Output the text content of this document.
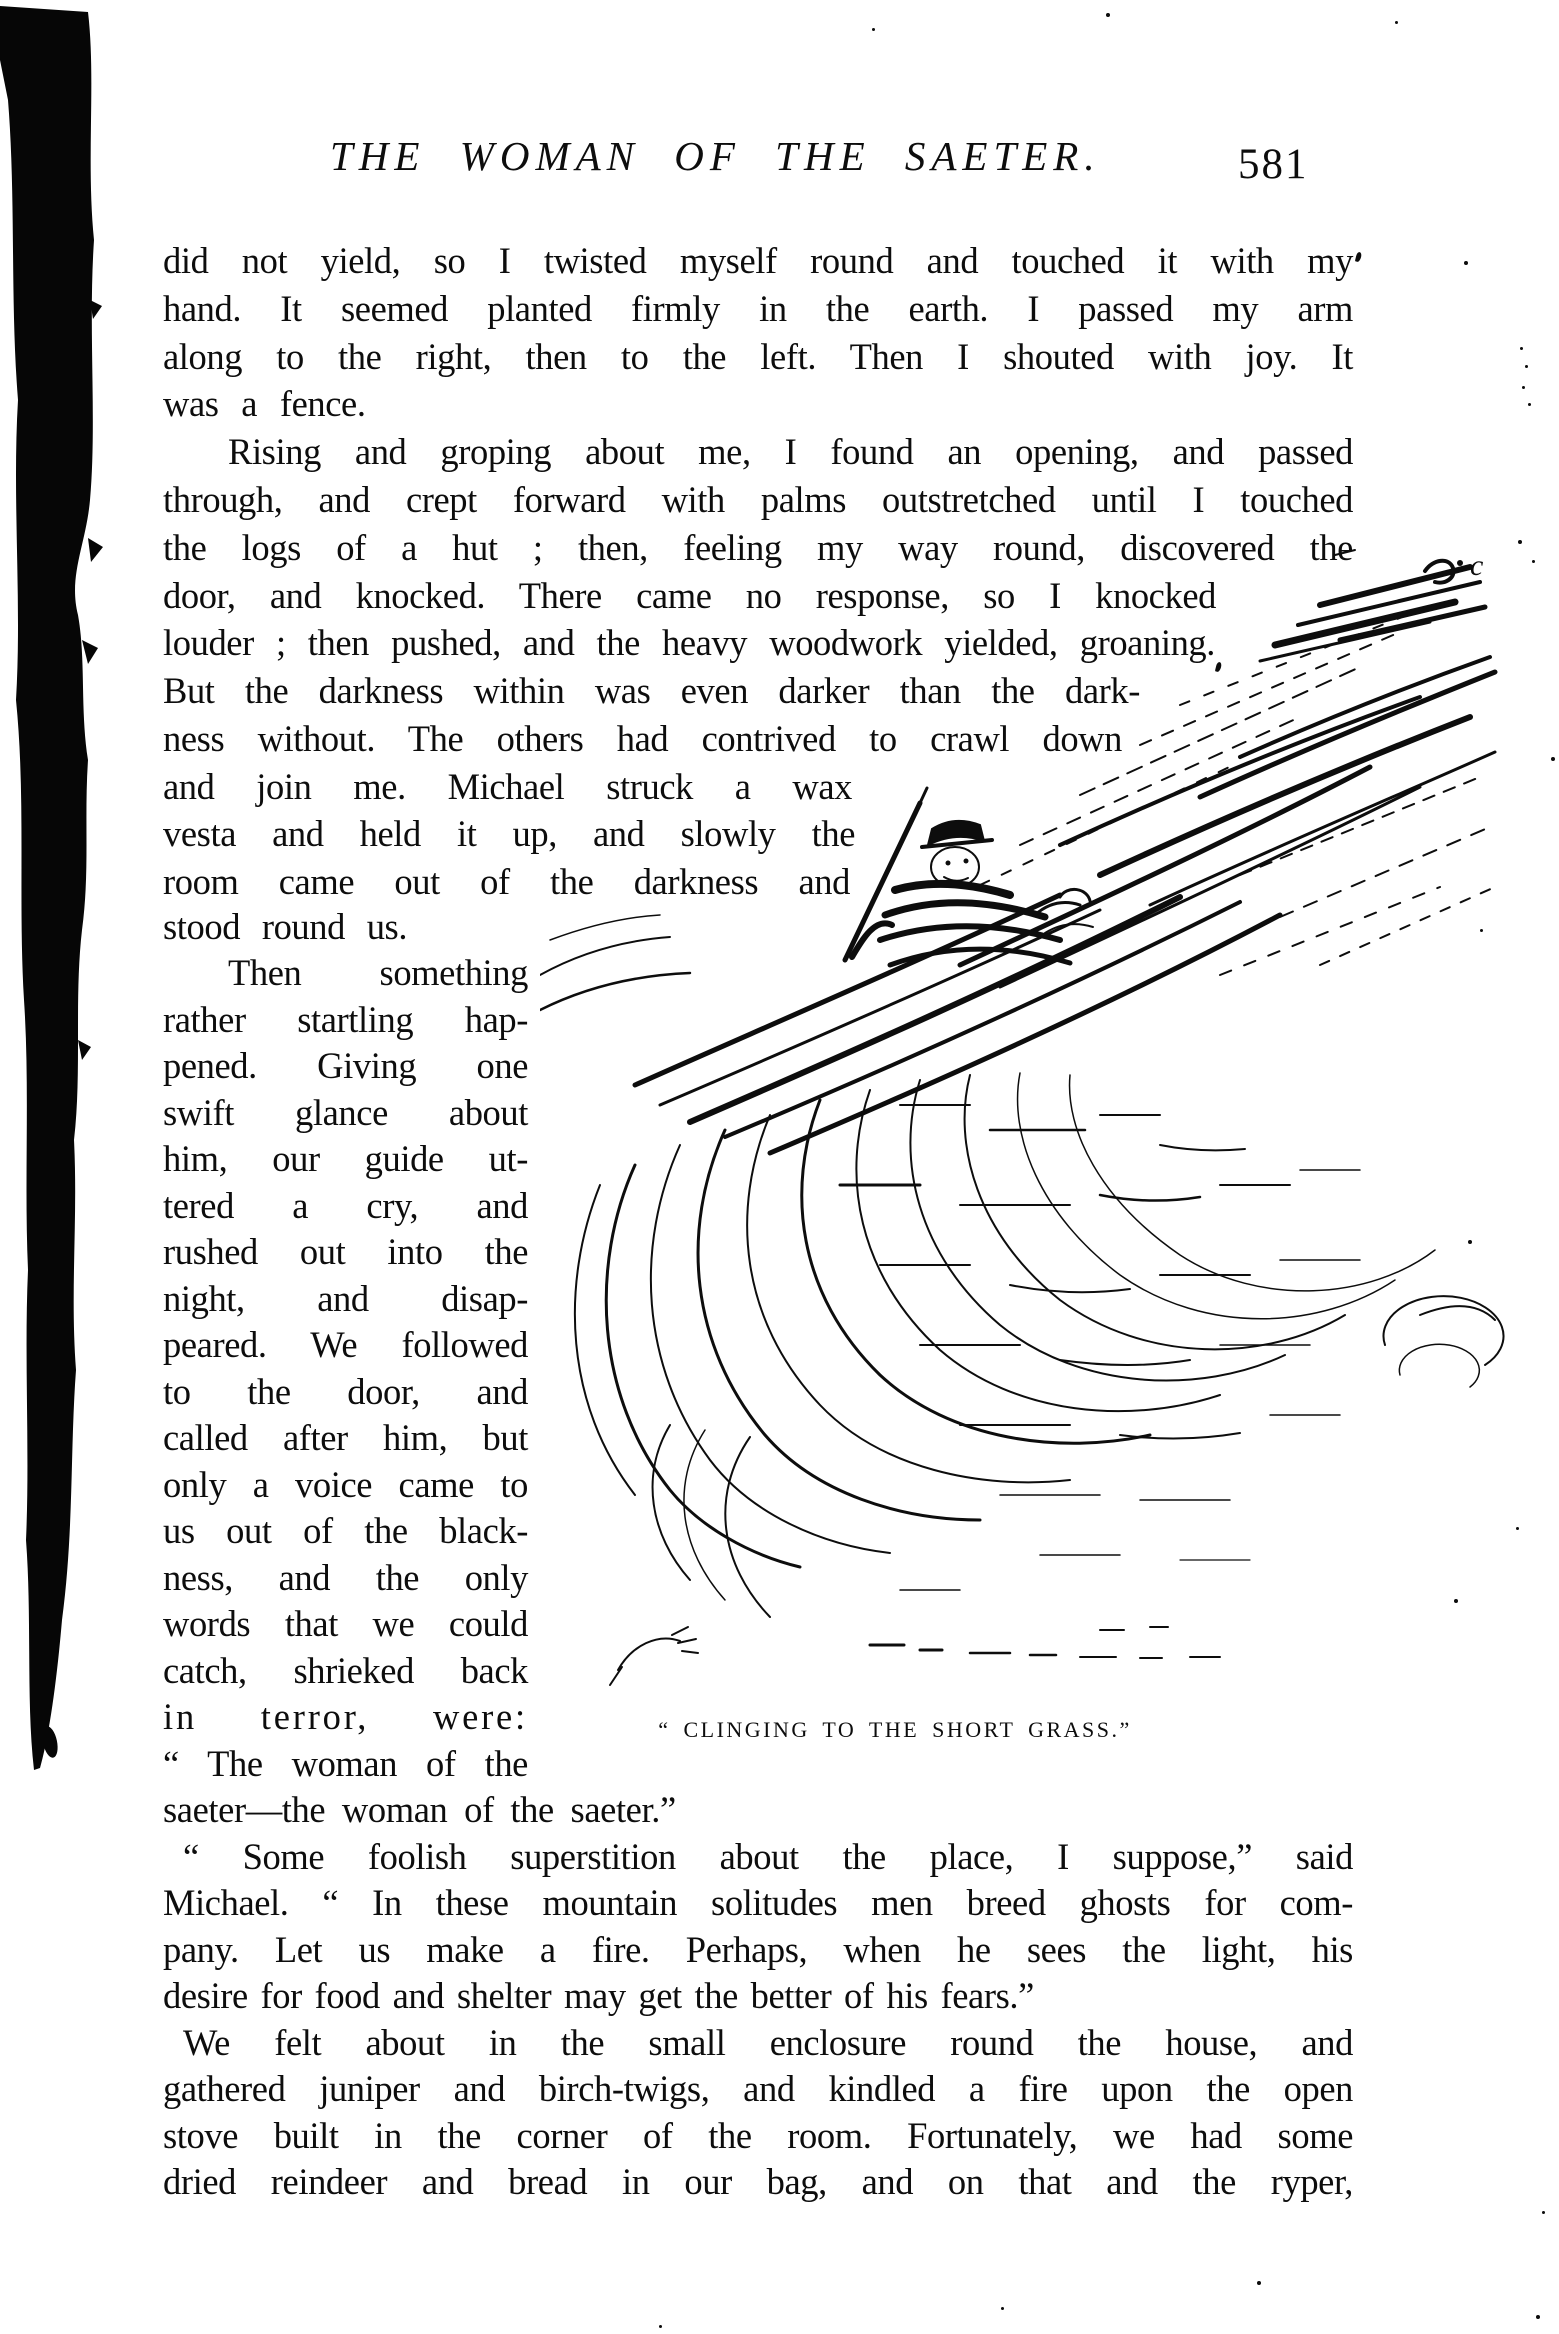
THE WOMAN OF THE SAETER.	581
did not yield, so I twisted myself round and touched it with my
hand. It seemed planted firmly in the earth. I passed my arm
along to the right, then to the left. Then I shouted with joy. It
was a fence.
Rising and groping about me, I found an opening, and passed
through, and crept forward with palms outstretched until I touched
the logs of a hut ; then, feeling my way round, discovered the
door, and knocked. There came no response, so I knocked
louder ; then pushed, and the heavy woodwork yielded, groaning.
But the darkness within was even darker than the dark-
ness without. The others had contrived to crawl down
and join me. Michael struck a wax
vesta and held it up, and slowly the
room came out of the darkness and
stood round us.
Then something
rather startling hap-
pened. Giving one
swift glance about
him, our guide ut-
tered a cry, and
rushed out into the
night, and disap-
peared. We followed
to the door, and
called after him, but
only a voice came to
us out of the black-
ness, and the only
words that we could
catch, shrieked back
in terror, were:
“ The woman of the
saeter—the woman of the saeter.”
“ Some foolish superstition about the place, I suppose,” said
Michael. “ In these mountain solitudes men breed ghosts for com-
pany. Let us make a fire. Perhaps, when he sees the light, his
desire for food and shelter may get the better of his fears.”
We felt about in the small enclosure round the house, and
gathered juniper and birch-twigs, and kindled a fire upon the open
stove built in the corner of the room. Fortunately, we had some
dried reindeer and bread in our bag, and on that and the ryper,
c
“ CLINGING TO THE SHORT GRASS.”
